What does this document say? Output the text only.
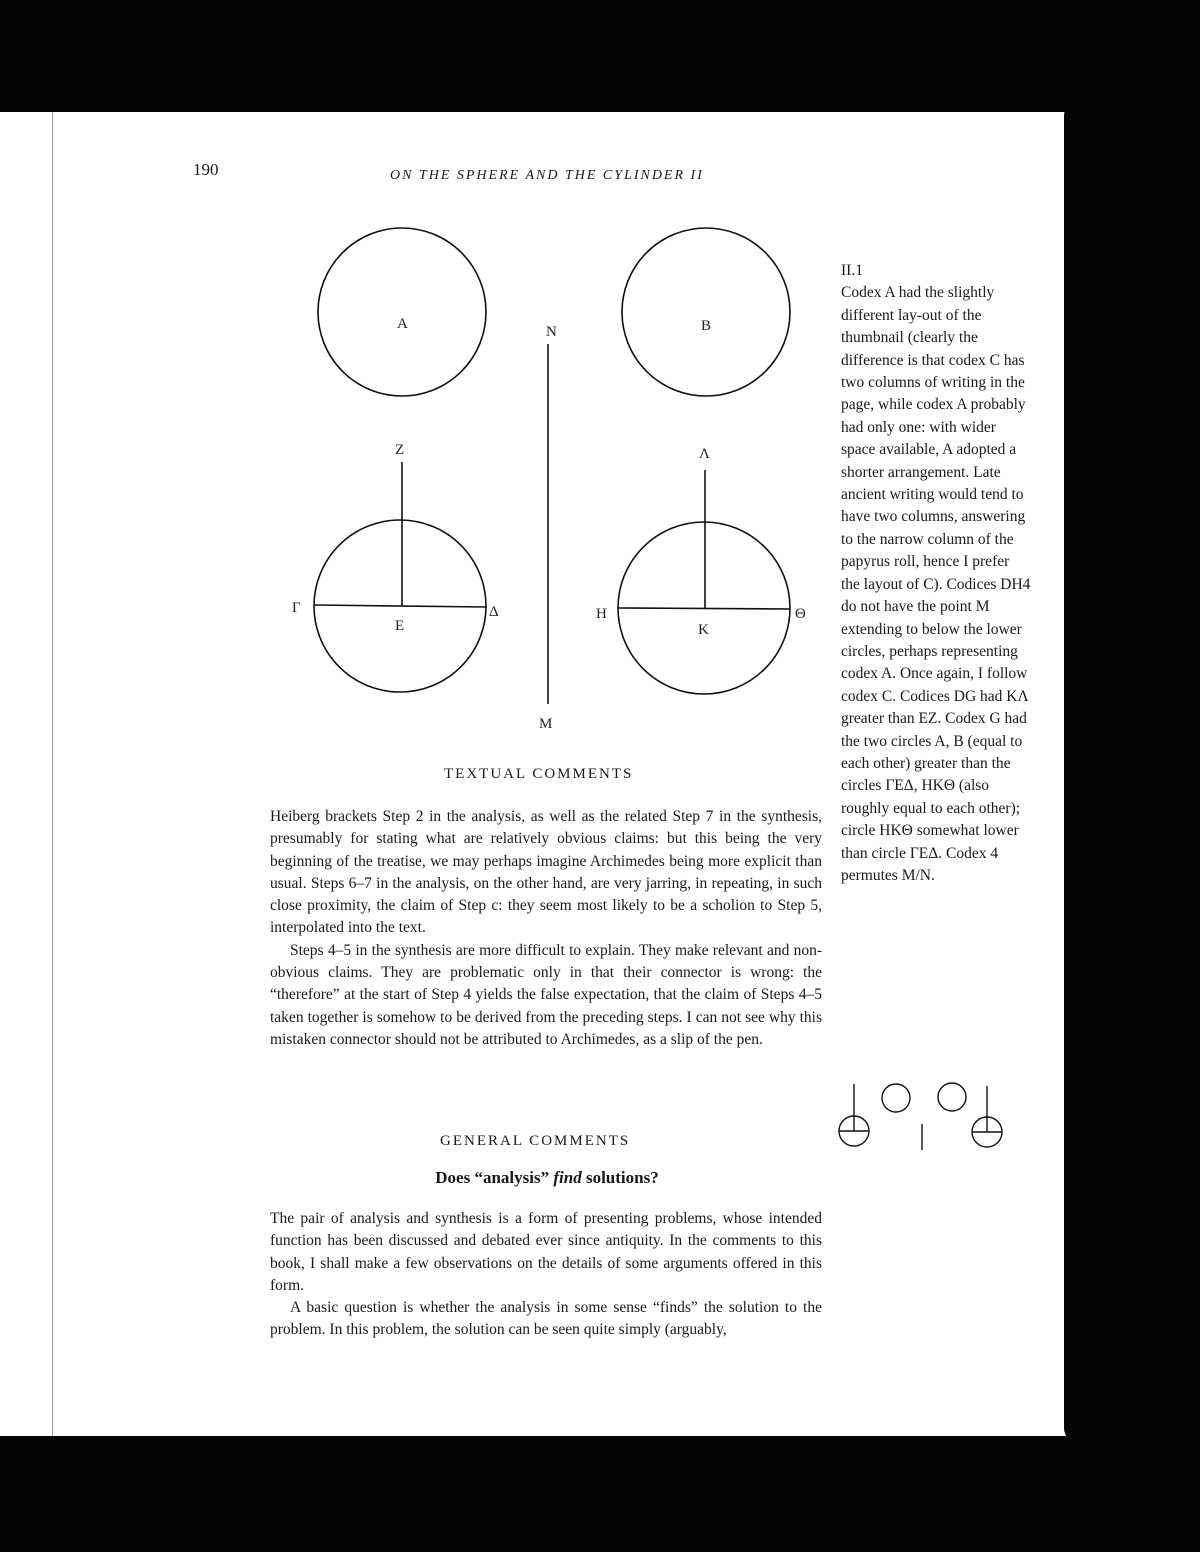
190	ON THE SPHERE AND THE CYLINDER II
A	B
N
Z	Λ
Γ
E
Δ	H
K
Θ
M
TEXTUAL COMMENTS

Heiberg brackets Step 2 in the analysis, as well as the related Step 7 in the synthesis, presumably for stating what are relatively obvious claims: but this being the very beginning of the treatise, we may perhaps imagine Archimedes being more explicit than usual. Steps 6–7 in the analysis, on the other hand, are very jarring, in repeating, in such close proximity, the claim of Step c: they seem most likely to be a scholion to Step 5, interpolated into the text.

Steps 4–5 in the synthesis are more difficult to explain. They make relevant and non-obvious claims. They are problematic only in that their connector is wrong: the “therefore” at the start of Step 4 yields the false expectation, that the claim of Steps 4–5 taken together is somehow to be derived from the preceding steps. I can not see why this mistaken connector should not be attributed to Archimedes, as a slip of the pen.

GENERAL COMMENTS
Does “analysis” find solutions?

The pair of analysis and synthesis is a form of presenting problems, whose intended function has been discussed and debated ever since antiquity. In the comments to this book, I shall make a few observations on the details of some arguments offered in this form.

A basic question is whether the analysis in some sense “finds” the solution to the problem. In this problem, the solution can be seen quite simply (arguably,

II.1
Codex A had the slightly different lay-out of the thumbnail (clearly the difference is that codex C has two columns of writing in the page, while codex A probably had only one: with wider space available, A adopted a shorter arrangement. Late ancient writing would tend to have two columns, answering to the narrow column of the papyrus roll, hence I prefer the layout of C). Codices DH4 do not have the point M extending to below the lower circles, perhaps representing codex A. Once again, I follow codex C. Codices DG had KΛ greater than EZ. Codex G had the two circles A, B (equal to each other) greater than the circles ΓEΔ, HKΘ (also roughly equal to each other); circle HKΘ somewhat lower than circle ΓEΔ. Codex 4 permutes M/N.
